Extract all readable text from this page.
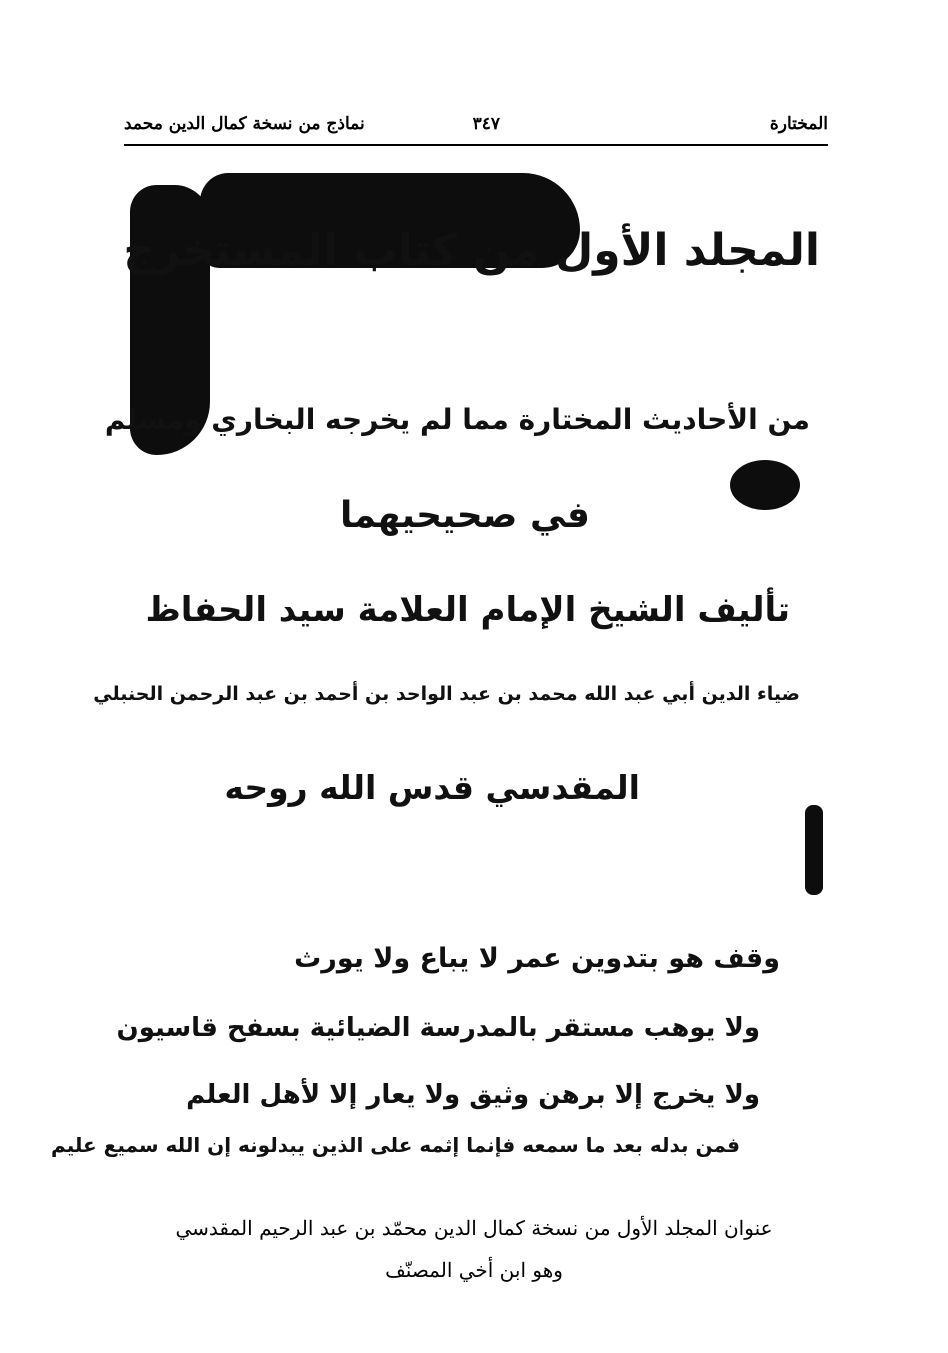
المختارة
٣٤٧
نماذج من نسخة كمال الدين محمد
المجلد الأول من كتاب المستخرج
من الأحاديث المختارة مما لم يخرجه البخاري ومسلم
في صحيحيهما
تأليف الشيخ الإمام العلامة سيد الحفاظ
ضياء الدين أبي عبد الله محمد بن عبد الواحد بن أحمد بن عبد الرحمن الحنبلي
المقدسي قدس الله روحه
وقف هو بتدوين عمر لا يباع ولا يورث
ولا يوهب مستقر بالمدرسة الضيائية بسفح قاسيون
ولا يخرج إلا برهن وثيق ولا يعار إلا لأهل العلم
فمن بدله بعد ما سمعه فإنما إثمه على الذين يبدلونه إن الله سميع عليم
عنوان المجلد الأول من نسخة كمال الدين محمّد بن عبد الرحيم المقدسي
وهو ابن أخي المصنّف
